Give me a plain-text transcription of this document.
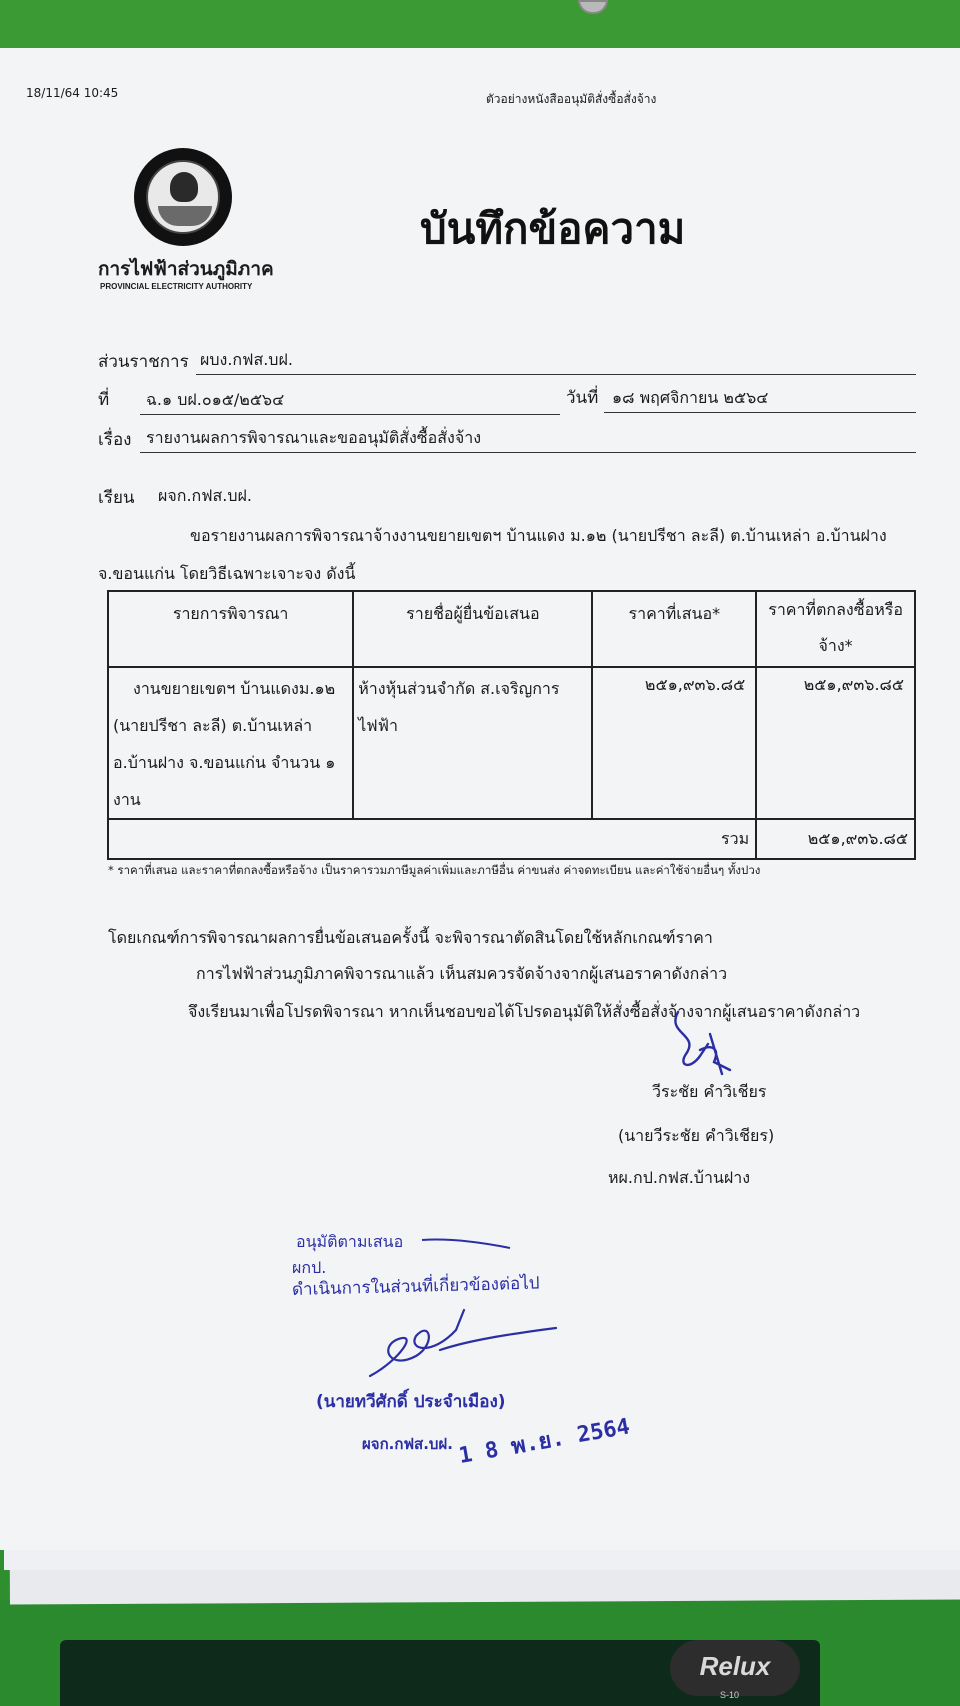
Relux
S-10
18/11/64 10:45	ตัวอย่างหนังสืออนุมัติสั่งซื้อสั่งจ้าง
การไฟฟ้าส่วนภูมิภาค
PROVINCIAL ELECTRICITY AUTHORITY
บันทึกข้อความ
ส่วนราชการ ผบง.กฟส.บฝ.
ที่ ฉ.๑ บฝ.๐๑๕/๒๕๖๔	วันที่ ๑๘ พฤศจิกายน ๒๕๖๔
เรื่อง รายงานผลการพิจารณาและขออนุมัติสั่งซื้อสั่งจ้าง
เรียน ผจก.กฟส.บฝ.
ขอรายงานผลการพิจารณาจ้างงานขยายเขตฯ บ้านแดง ม.๑๒ (นายปรีชา ละลี) ต.บ้านเหล่า อ.บ้านฝาง
จ.ขอนแก่น โดยวิธีเฉพาะเจาะจง ดังนี้
รายการพิจารณา	รายชื่อผู้ยื่นข้อเสนอ	ราคาที่เสนอ*	ราคาที่ตกลงซื้อหรือจ้าง*

งานขยายเขตฯ บ้านแดงม.๑๒ (นายปรีชา ละลี) ต.บ้านเหล่า อ.บ้านฝาง จ.ขอนแก่น จำนวน ๑ งาน	ห้างหุ้นส่วนจำกัด ส.เจริญการไฟฟ้า	๒๕๑,๙๓๖.๘๕	๒๕๑,๙๓๖.๘๕

รวม			๒๕๑,๙๓๖.๘๕
* ราคาที่เสนอ และราคาที่ตกลงซื้อหรือจ้าง เป็นราคารวมภาษีมูลค่าเพิ่มและภาษีอื่น ค่าขนส่ง ค่าจดทะเบียน และค่าใช้จ่ายอื่นๆ ทั้งปวง
โดยเกณฑ์การพิจารณาผลการยื่นข้อเสนอครั้งนี้ จะพิจารณาตัดสินโดยใช้หลักเกณฑ์ราคา
การไฟฟ้าส่วนภูมิภาคพิจารณาแล้ว เห็นสมควรจัดจ้างจากผู้เสนอราคาดังกล่าว
จึงเรียนมาเพื่อโปรดพิจารณา หากเห็นชอบขอได้โปรดอนุมัติให้สั่งซื้อสั่งจ้างจากผู้เสนอราคาดังกล่าว
วีระชัย คำวิเชียร
(นายวีระชัย คำวิเชียร)
หผ.กป.กฟส.บ้านฝาง
อนุมัติตามเสนอ
ผกป.
ดำเนินการในส่วนที่เกี่ยวข้องต่อไป
(นายทวีศักดิ์ ประจำเมือง)
ผจก.กฟส.บฝ. 1 8 พ.ย. 2564
